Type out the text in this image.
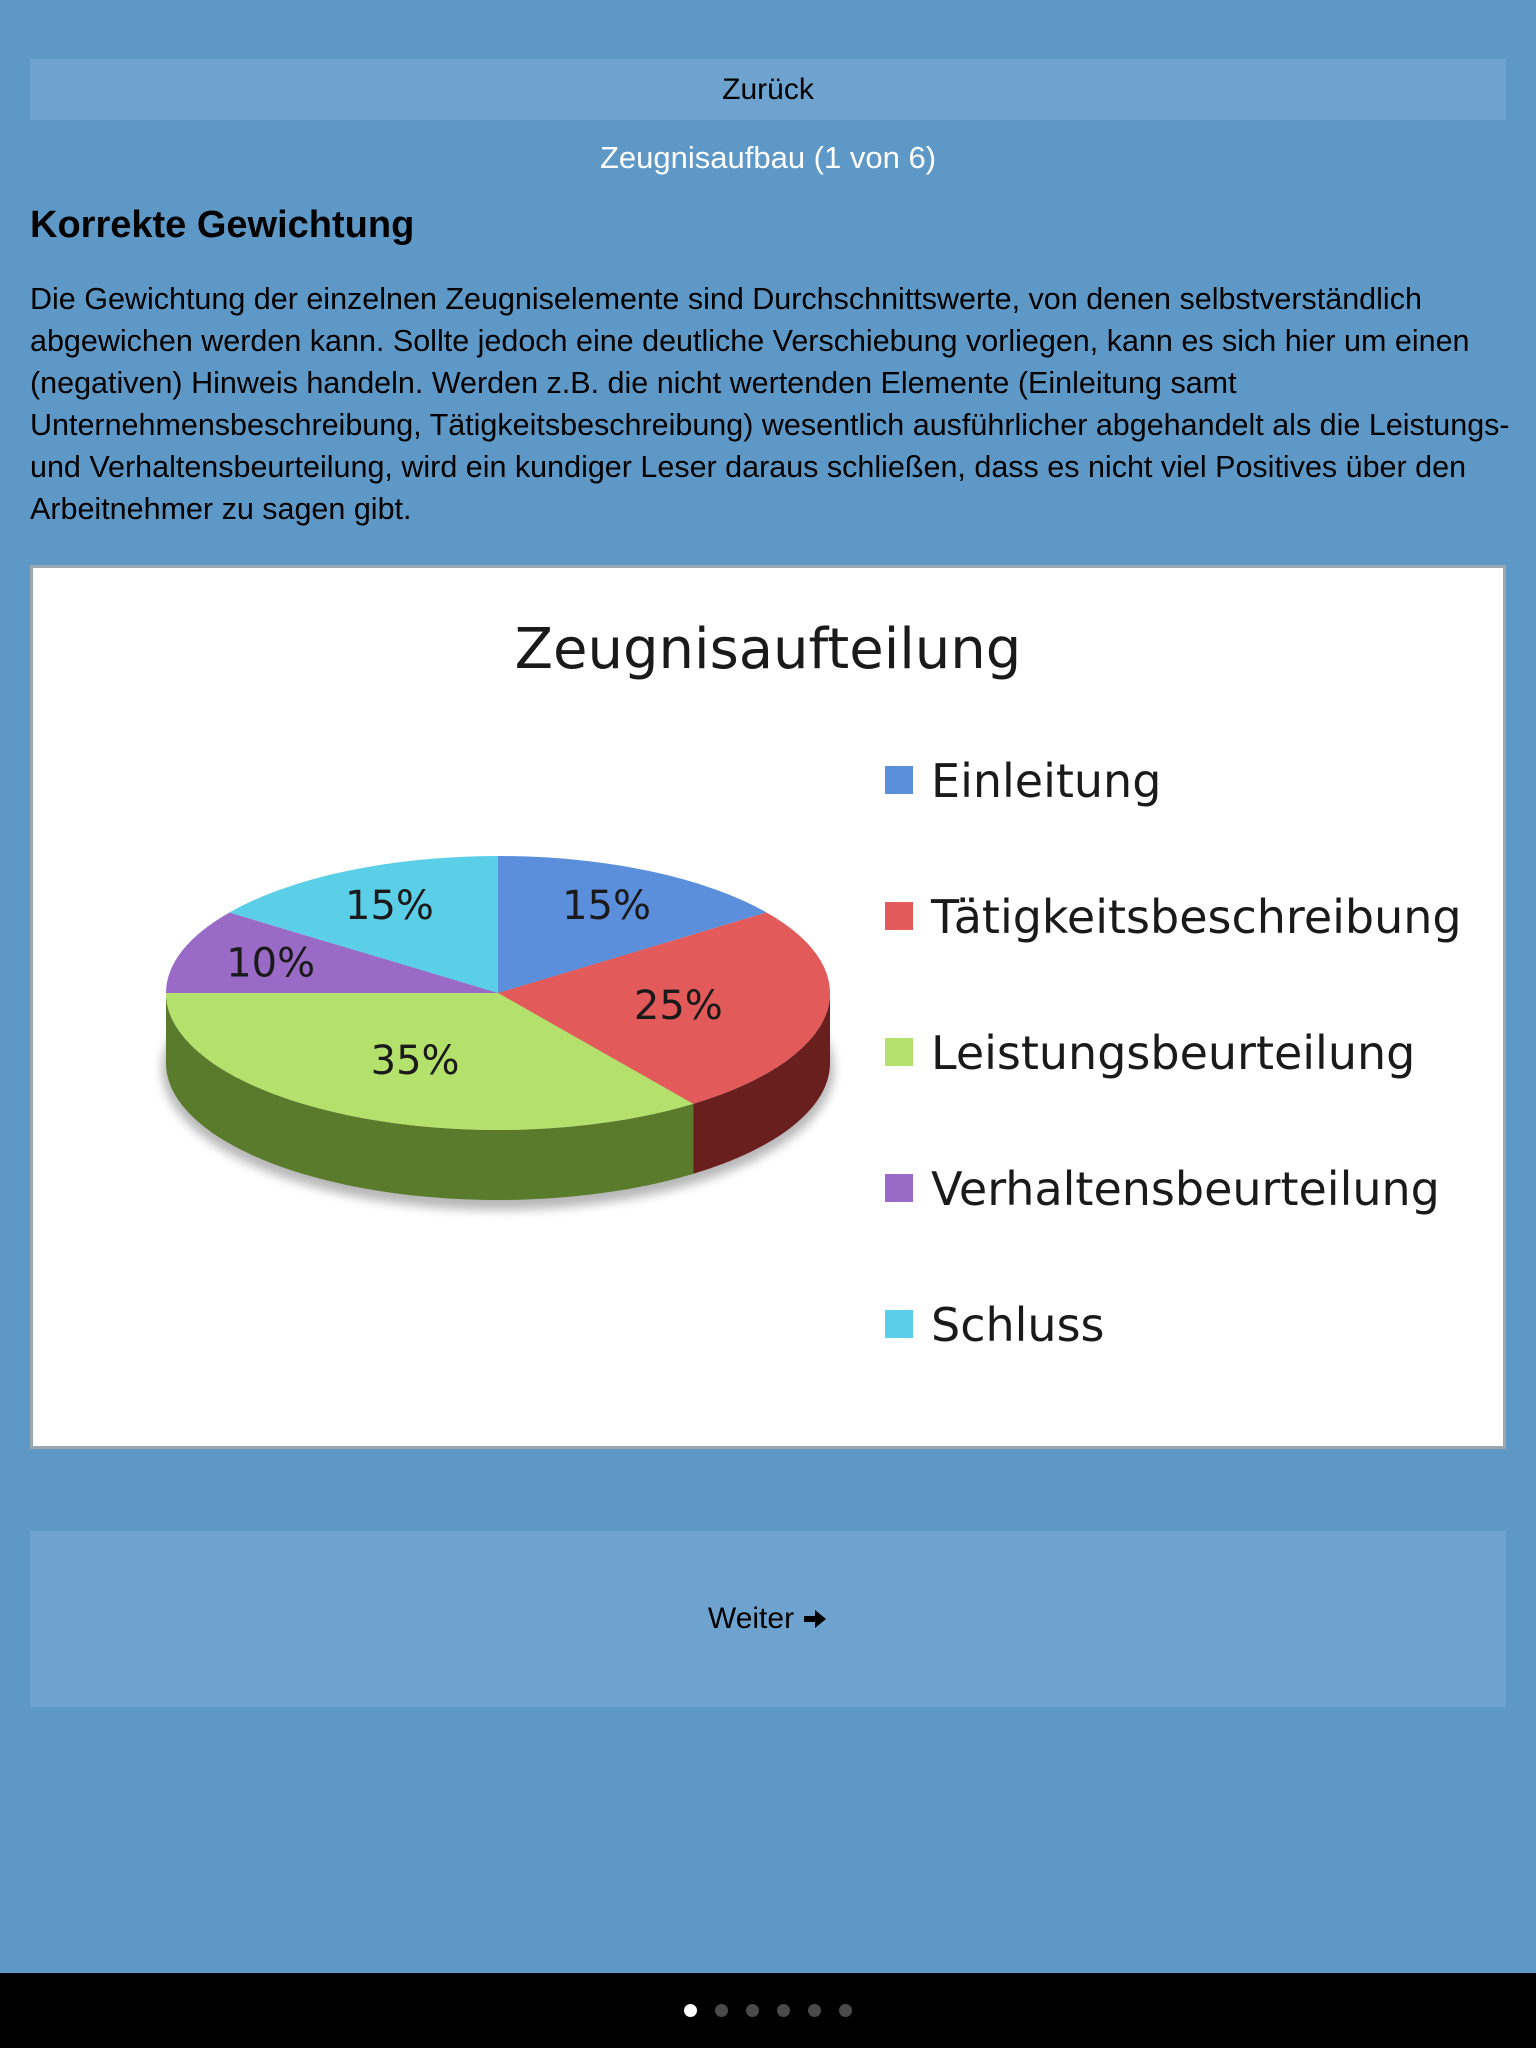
Zurück
Zeugnisaufbau (1 von 6)
Korrekte Gewichtung

Die Gewichtung der einzelnen Zeugniselemente sind Durchschnittswerte, von denen selbstverständlich abgewichen werden kann. Sollte jedoch eine deutliche Verschiebung vorliegen, kann es sich hier um einen (negativen) Hinweis handeln. Werden z.B. die nicht wertenden Elemente (Einleitung samt Unternehmensbeschreibung, Tätigkeitsbeschreibung) wesentlich ausführlicher abgehandelt als die Leistungs- und Verhaltensbeurteilung, wird ein kundiger Leser daraus schließen, dass es nicht viel Positives über den Arbeitnehmer zu sagen gibt.

Zeugnisaufteilung
15%
25%
35%
10%
15%
Einleitung
Tätigkeitsbeschreibung
Leistungsbeurteilung
Verhaltensbeurteilung
Schluss
Weiter
